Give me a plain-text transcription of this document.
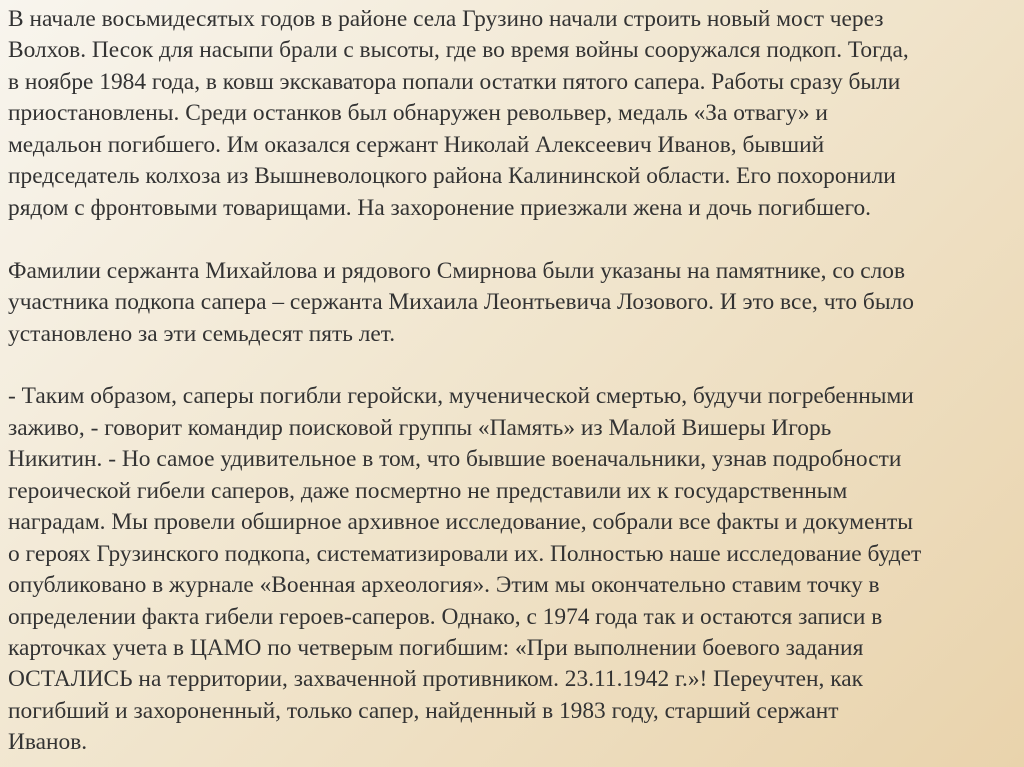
В начале восьмидесятых годов в районе села Грузино начали строить новый мост через
Волхов. Песок для насыпи брали с высоты, где во время войны сооружался подкоп. Тогда,
в ноябре 1984 года, в ковш экскаватора попали остатки пятого сапера. Работы сразу были
приостановлены. Среди останков был обнаружен револьвер, медаль «За отвагу» и
медальон погибшего. Им оказался сержант Николай Алексеевич Иванов, бывший
председатель колхоза из Вышневолоцкого района Калининской области. Его похоронили
рядом с фронтовыми товарищами. На захоронение приезжали жена и дочь погибшего.

Фамилии сержанта Михайлова и рядового Смирнова были указаны на памятнике, со слов
участника подкопа сапера – сержанта Михаила Леонтьевича Лозового. И это все, что было
установлено за эти семьдесят пять лет.

- Таким образом, саперы погибли геройски, мученической смертью, будучи погребенными
заживо, - говорит командир поисковой группы «Память» из Малой Вишеры Игорь
Никитин. - Но самое удивительное в том, что бывшие военачальники, узнав подробности
героической гибели саперов, даже посмертно не представили их к государственным
наградам. Мы провели обширное архивное исследование, собрали все факты и документы
о героях Грузинского подкопа, систематизировали их. Полностью наше исследование будет
опубликовано в журнале «Военная археология». Этим мы окончательно ставим точку в
определении факта гибели героев-саперов. Однако, с 1974 года так и остаются записи в
карточках учета в ЦАМО по четверым погибшим: «При выполнении боевого задания
ОСТАЛИСЬ на территории, захваченной противником. 23.11.1942 г.»! Переучтен, как
погибший и захороненный, только сапер, найденный в 1983 году, старший сержант
Иванов.
